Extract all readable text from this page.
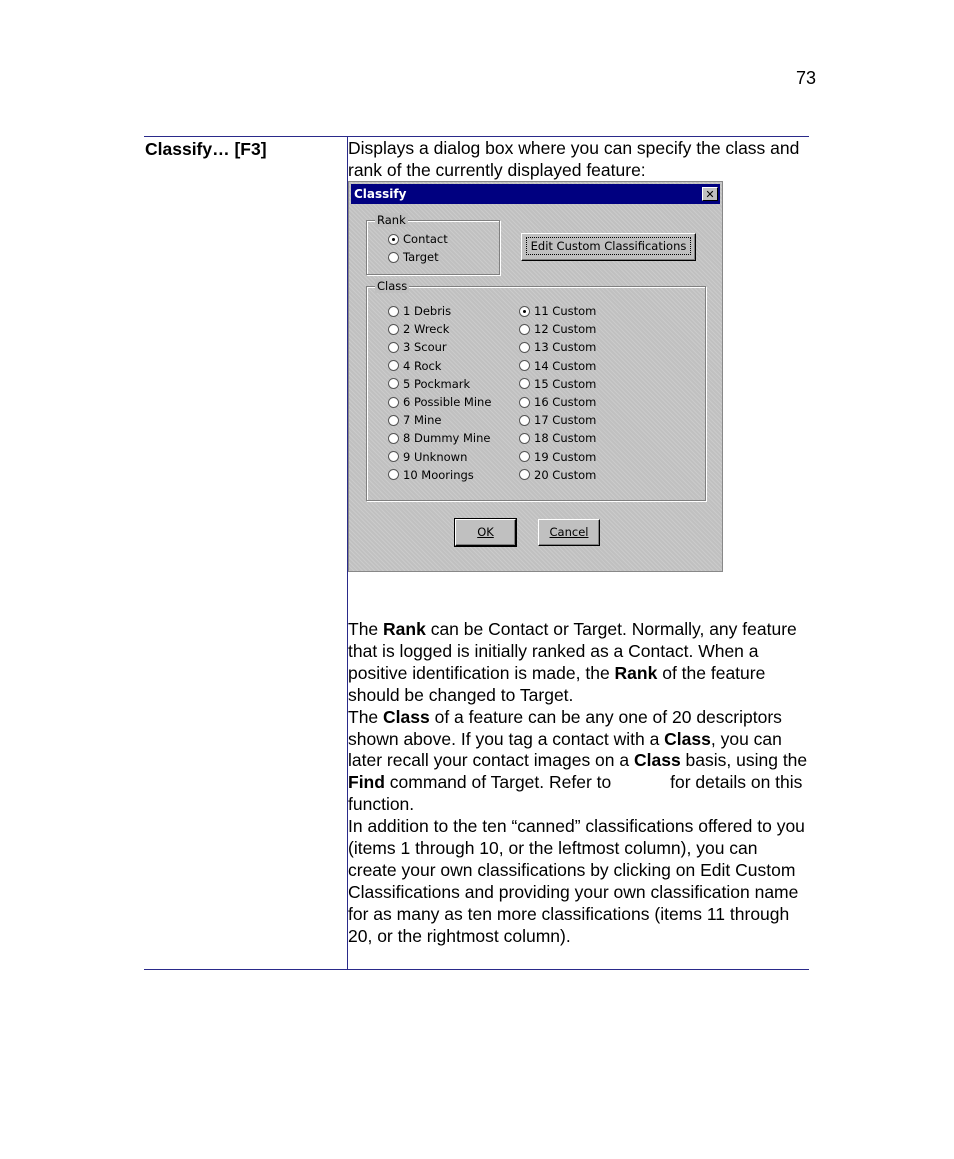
73
Classify… [F3]	Displays a dialog box where you can specify the class and rank of the currently displayed feature:

The Rank can be Contact or Target. Normally, any feature that is logged is initially ranked as a Contact. When a positive identification is made, the Rank of the feature should be changed to Target.

The Class of a feature can be any one of 20 descriptors shown above. If you tag a contact with a Class, you can later recall your contact images on a Class basis, using the Find command of Target. Refer to	for details on this function.

In addition to the ten “canned” classifications offered to you (items 1 through 10, or the leftmost column), you can create your own classifications by clicking on Edit Custom Classifications and providing your own classification name for as many as ten more classifications (items 11 through 20, or the rightmost column).

Classify	✕
Rank
Contact
Target
Edit Custom Classifications
Class
1 Debris
2 Wreck
3 Scour
4 Rock
5 Pockmark
6 Possible Mine
7 Mine
8 Dummy Mine
9 Unknown
10 Moorings
11 Custom
12 Custom
13 Custom
14 Custom
15 Custom
16 Custom
17 Custom
18 Custom
19 Custom
20 Custom
OK	Cancel
